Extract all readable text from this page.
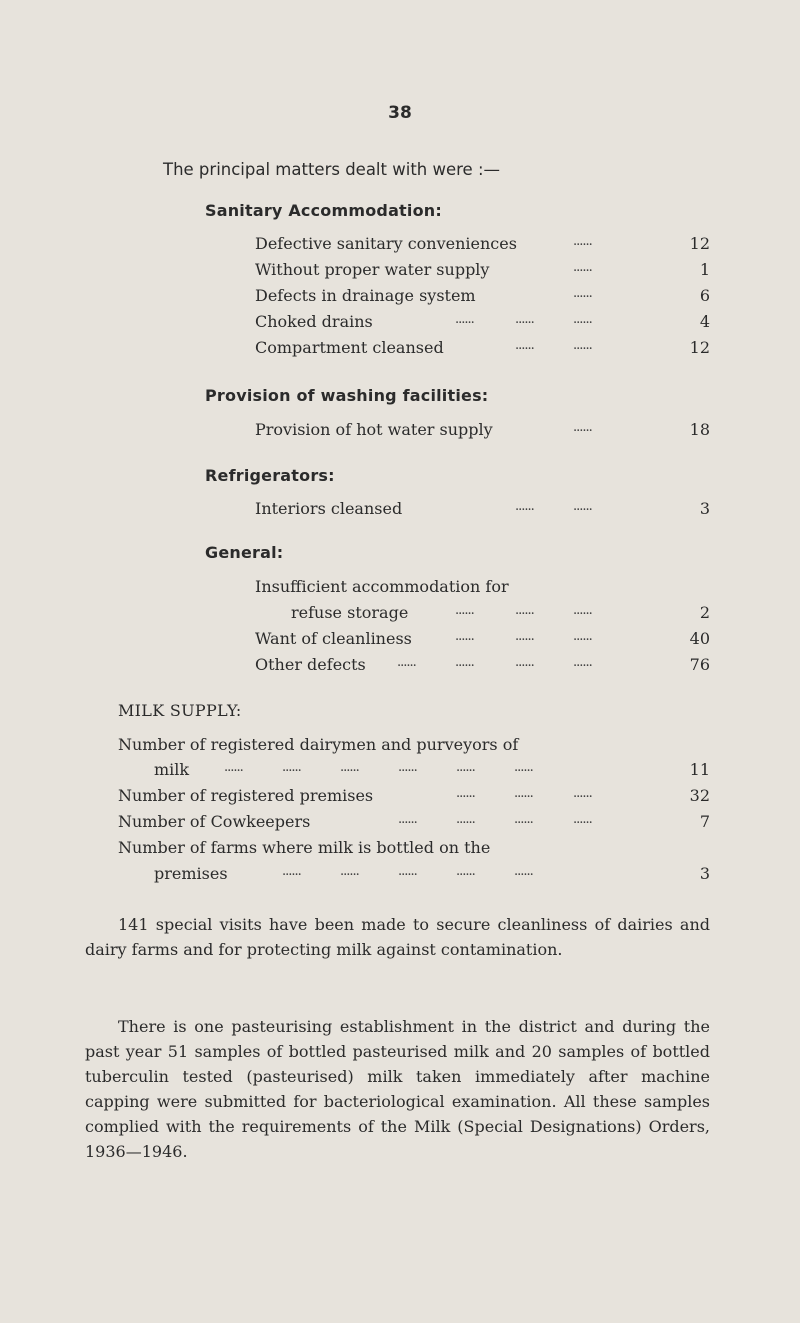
38
The principal matters dealt with were :—
Sanitary Accommodation:
Defective sanitary conveniences	......	12
Without proper water supply	......	1
Defects in drainage system	......	6
Choked drains	......	......	......	4
Compartment cleansed	......	......	12
Provision of washing facilities:
Provision of hot water supply	......	18
Refrigerators:
Interiors cleansed	......	......	3
General:
Insufficient accommodation for
refuse storage	......	......	......	2
Want of cleanliness	......	......	......	40
Other defects ......	......	......	......	76
MILK SUPPLY:
Number of registered dairymen and purveyors of
milk	......	......	......	......	......	......	11
Number of registered premises	......	......	......	32
Number of Cowkeepers	......	......	......	......	7
Number of farms where milk is bottled on the
premises	......	......	......	......	......	3

141 special visits have been made to secure cleanliness of dairies and dairy farms and for protecting milk against contamination.

There is one pasteurising establishment in the district and during the past year 51 samples of bottled pasteurised milk and 20 samples of bottled tuberculin tested (pasteurised) milk taken immediately after machine capping were submitted for bacteriological examination. All these samples complied with the requirements of the Milk (Special Designations) Orders, 1936—1946.
